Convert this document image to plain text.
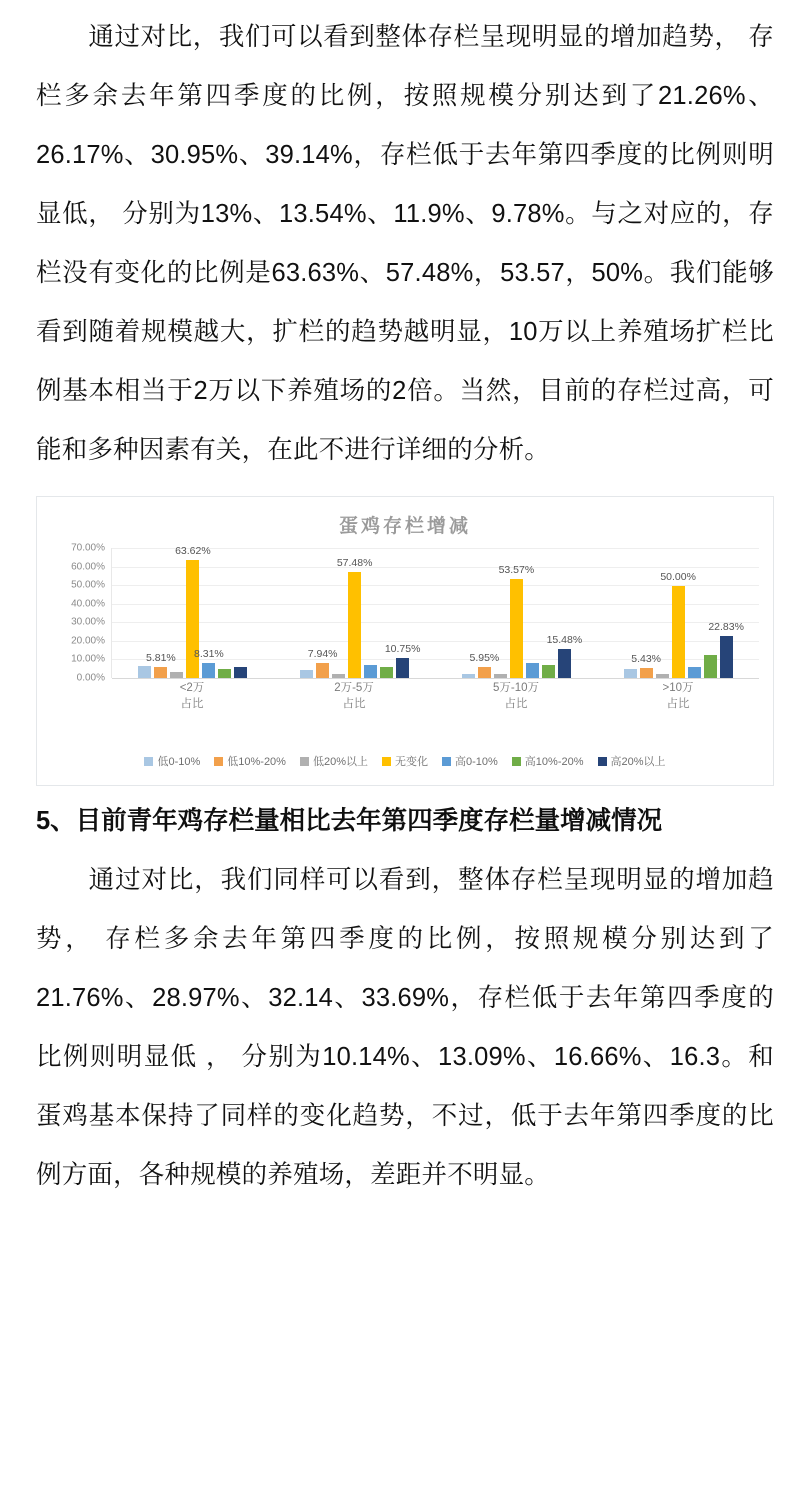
通过对比，我们可以看到整体存栏呈现明显的增加趋势， 存栏多余去年第四季度的比例，按照规模分别达到了21.26%、26.17%、30.95%、39.14%，存栏低于去年第四季度的比例则明显低， 分别为13%、13.54%、11.9%、9.78%。与之对应的，存栏没有变化的比例是63.63%、57.48%，53.57，50%。我们能够看到随着规模越大，扩栏的趋势越明显，10万以上养殖场扩栏比例基本相当于2万以下养殖场的2倍。当然，目前的存栏过高，可能和多种因素有关，在此不进行详细的分析。

蛋鸡存栏增减
70.00%
60.00%
50.00%
40.00%
30.00%
20.00%
10.00%
0.00%
5.81%
63.62%
8.31%	7.94%
57.48%
10.75%
5.95%
53.57%
15.48%
5.43%
50.00%
22.83%
<2万
占比
2万-5万
占比
5万-10万
占比
>10万
占比
低0-10% 低10%-20% 低20%以上 无变化 高0-10% 高10%-20% 高20%以上
5、目前青年鸡存栏量相比去年第四季度存栏量增减情况

通过对比，我们同样可以看到，整体存栏呈现明显的增加趋势， 存栏多余去年第四季度的比例，按照规模分别达到了21.76%、28.97%、32.14、33.69%，存栏低于去年第四季度的比例则明显低 ， 分别为10.14%、13.09%、16.66%、16.3。和蛋鸡基本保持了同样的变化趋势，不过，低于去年第四季度的比例方面，各种规模的养殖场，差距并不明显。
